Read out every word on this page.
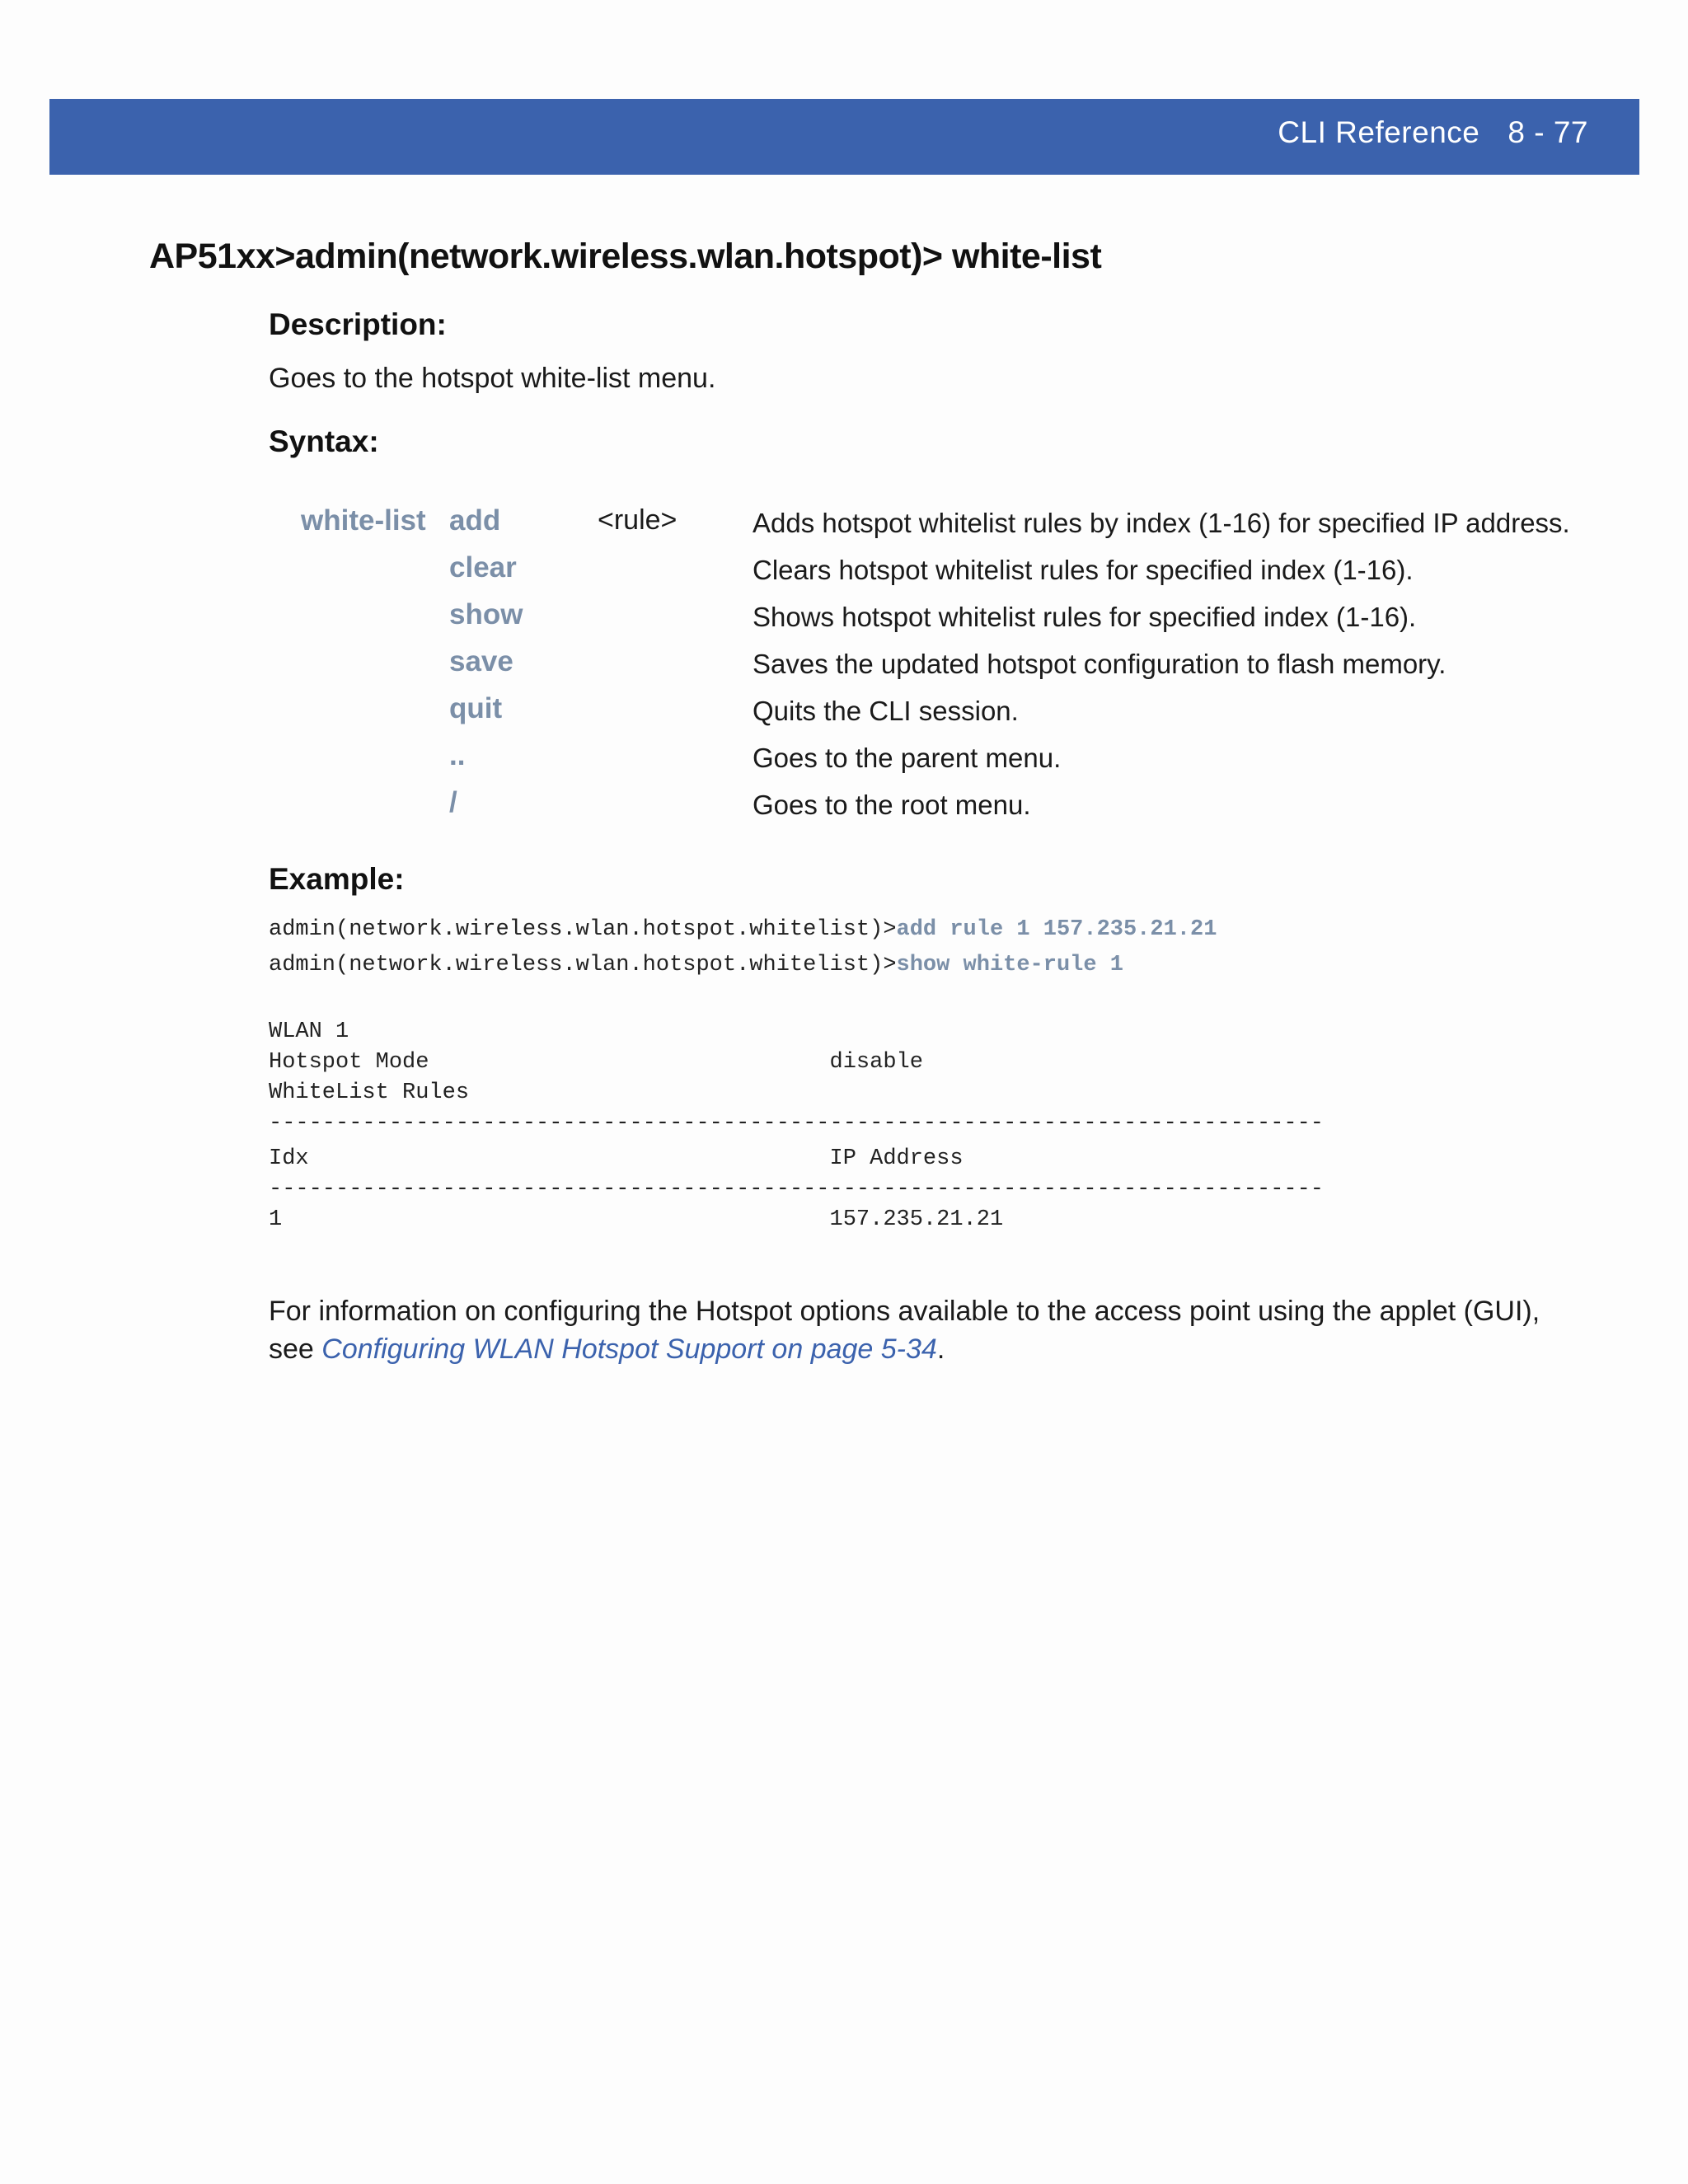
CLI Reference 8 - 77
AP51xx>admin(network.wireless.wlan.hotspot)> white-list
Description:

Goes to the hotspot white-list menu.

Syntax:
white-list add	<rule>	Adds hotspot whitelist rules by index (1-16) for specified IP address.
clear	Clears hotspot whitelist rules for specified index (1-16).
show	Shows hotspot whitelist rules for specified index (1-16).
save	Saves the updated hotspot configuration to flash memory.
quit	Quits the CLI session.
..	Goes to the parent menu.
/	Goes to the root menu.
Example:
admin(network.wireless.wlan.hotspot.whitelist)>add rule 1 157.235.21.21
admin(network.wireless.wlan.hotspot.whitelist)>show white-rule 1
WLAN 1
Hotspot Mode                              disable
WhiteList Rules
-------------------------------------------------------------------------------
Idx                                       IP Address
-------------------------------------------------------------------------------
1                                         157.235.21.21

For information on configuring the Hotspot options available to the access point using the applet (GUI), see Configuring WLAN Hotspot Support on page 5-34.
